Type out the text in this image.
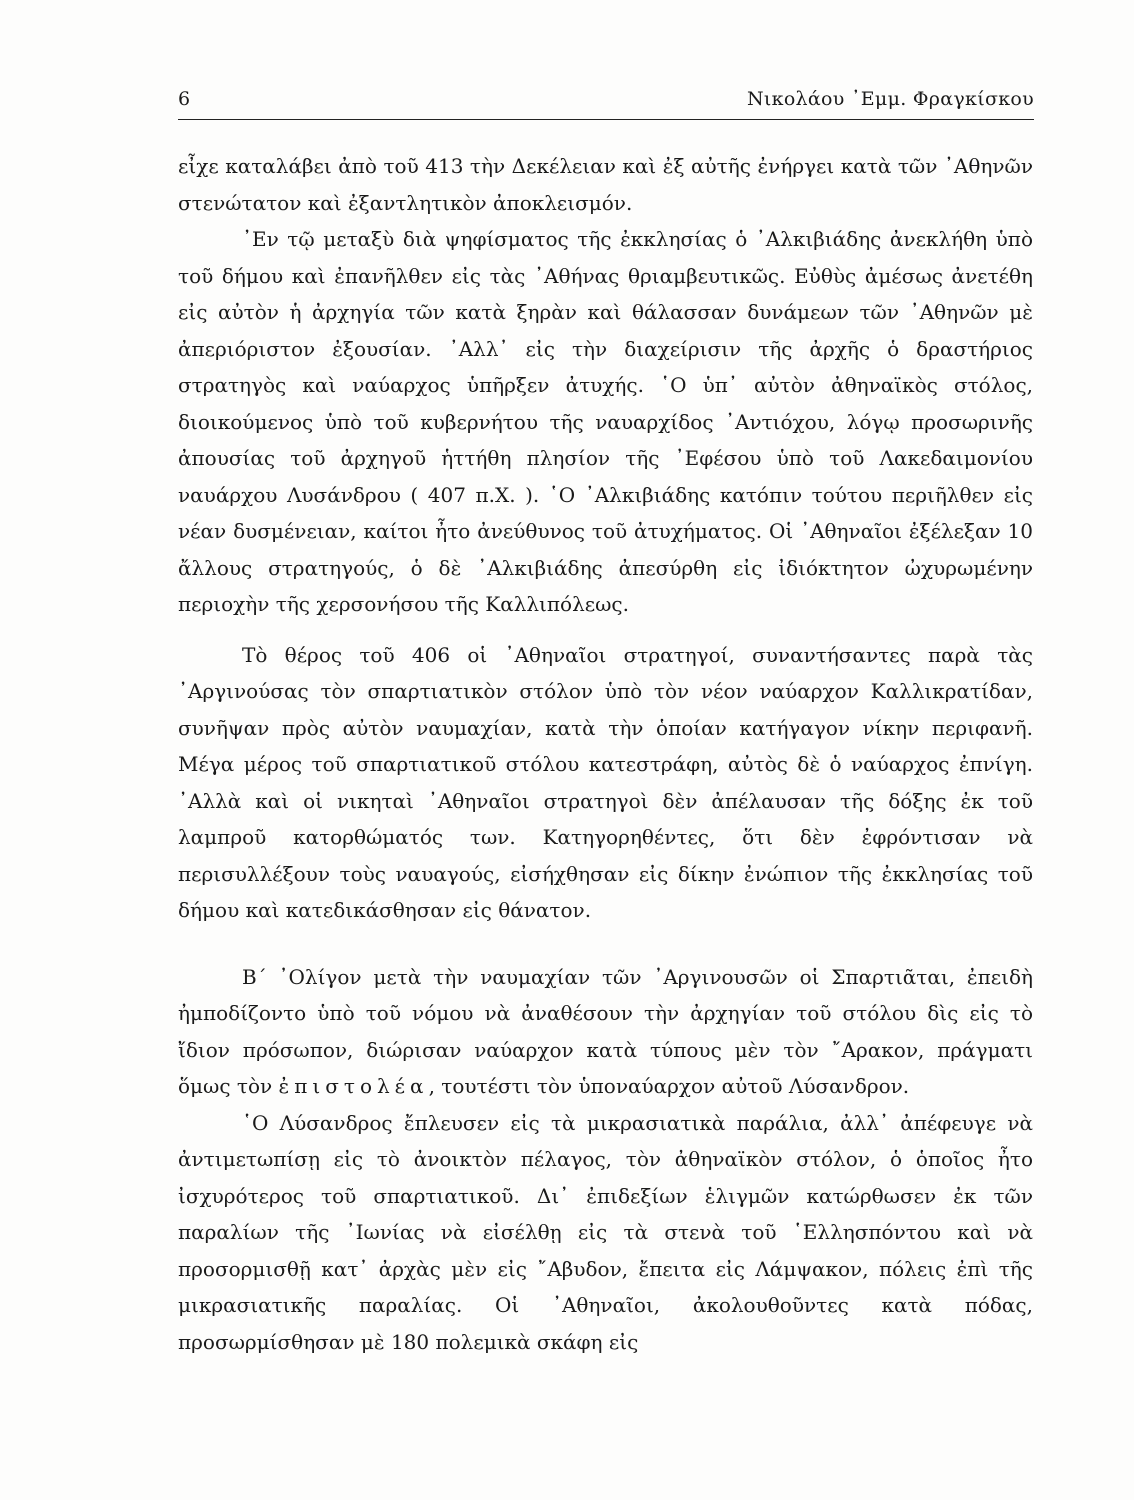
6	Νικολάου ᾿Εμμ. Φραγκίσκου

εἶχε καταλάβει ἀπὸ τοῦ 413 τὴν Δεκέλειαν καὶ ἐξ αὐτῆς ἐνήργει κατὰ τῶν ᾿Αθηνῶν στενώτατον καὶ ἐξαντλητικὸν ἀποκλεισμόν.

᾿Εν τῷ μεταξὺ διὰ ψηφίσματος τῆς ἐκκλησίας ὁ ᾿Αλκιβιάδης ἀνεκλήθη ὑπὸ τοῦ δήμου καὶ ἐπανῆλθεν εἰς τὰς ᾿Αθήνας θριαμβευτικῶς. Εὐθὺς ἀμέσως ἀνετέθη εἰς αὐτὸν ἡ ἀρχηγία τῶν κατὰ ξηρὰν καὶ θάλασσαν δυνάμεων τῶν ᾿Αθηνῶν μὲ ἀπεριόριστον ἐξουσίαν. ᾿Αλλ᾿ εἰς τὴν διαχείρισιν τῆς ἀρχῆς ὁ δραστήριος στρατηγὸς καὶ ναύαρχος ὑπῆρξεν ἀτυχής. ῾Ο ὑπ᾿ αὐτὸν ἀθηναϊκὸς στόλος, διοικούμενος ὑπὸ τοῦ κυβερνήτου τῆς ναυαρχίδος ᾿Αντιόχου, λόγῳ προσωρινῆς ἀπουσίας τοῦ ἀρχηγοῦ ἡττήθη πλησίον τῆς ᾿Εφέσου ὑπὸ τοῦ Λακεδαιμονίου ναυάρχου Λυσάνδρου ( 407 π.Χ. ). ῾Ο ᾿Αλκιβιάδης κατόπιν τούτου περιῆλθεν εἰς νέαν δυσμένειαν, καίτοι ἦτο ἀνεύθυνος τοῦ ἀτυχήματος. Οἱ ᾿Αθηναῖοι ἐξέλεξαν 10 ἄλλους στρατηγούς, ὁ δὲ ᾿Αλκιβιάδης ἀπεσύρθη εἰς ἰδιόκτητον ὠχυρωμένην περιοχὴν τῆς χερσονήσου τῆς Καλλιπόλεως.

Τὸ θέρος τοῦ 406 οἱ ᾿Αθηναῖοι στρατηγοί, συναντήσαντες παρὰ τὰς ᾿Αργινούσας τὸν σπαρτιατικὸν στόλον ὑπὸ τὸν νέον ναύαρχον Καλλικρατίδαν, συνῆψαν πρὸς αὐτὸν ναυμαχίαν, κατὰ τὴν ὁποίαν κατήγαγον νίκην περιφανῆ. Μέγα μέρος τοῦ σπαρτιατικοῦ στόλου κατεστράφη, αὐτὸς δὲ ὁ ναύαρχος ἐπνίγη. ᾿Αλλὰ καὶ οἱ νικηταὶ ᾿Αθηναῖοι στρατηγοὶ δὲν ἀπέλαυσαν τῆς δόξης ἐκ τοῦ λαμπροῦ κατορθώματός των. Κατηγορηθέντες, ὅτι δὲν ἐφρόντισαν νὰ περισυλλέξουν τοὺς ναυαγούς, εἰσήχθησαν εἰς δίκην ἐνώπιον τῆς ἐκκλησίας τοῦ δήμου καὶ κατεδικάσθησαν εἰς θάνατον.

Β΄ ᾿Ολίγον μετὰ τὴν ναυμαχίαν τῶν ᾿Αργινουσῶν οἱ Σπαρτιᾶται, ἐπειδὴ ἠμποδίζοντο ὑπὸ τοῦ νόμου νὰ ἀναθέσουν τὴν ἀρχηγίαν τοῦ στόλου δὶς εἰς τὸ ἴδιον πρόσωπον, διώρισαν ναύαρχον κατὰ τύπους μὲν τὸν ῎Αρακον, πράγματι ὅμως τὸν ἐπιστολέα, τουτέστι τὸν ὑποναύαρχον αὐτοῦ Λύσανδρον.

῾Ο Λύσανδρος ἔπλευσεν εἰς τὰ μικρασιατικὰ παράλια, ἀλλ᾿ ἀπέφευγε νὰ ἀντιμετωπίσῃ εἰς τὸ ἀνοικτὸν πέλαγος, τὸν ἀθηναϊκὸν στόλον, ὁ ὁποῖος ἦτο ἰσχυρότερος τοῦ σπαρτιατικοῦ. Δι᾿ ἐπιδεξίων ἑλιγμῶν κατώρθωσεν ἐκ τῶν παραλίων τῆς ᾿Ιωνίας νὰ εἰσέλθῃ εἰς τὰ στενὰ τοῦ ῾Ελλησπόντου καὶ νὰ προσορμισθῇ κατ᾿ ἀρχὰς μὲν εἰς ῎Αβυδον, ἔπειτα εἰς Λάμψακον, πόλεις ἐπὶ τῆς μικρασιατικῆς παραλίας. Οἱ ᾿Αθηναῖοι, ἀκολουθοῦντες κατὰ πόδας, προσωρμίσθησαν μὲ 180 πολεμικὰ σκάφη εἰς
